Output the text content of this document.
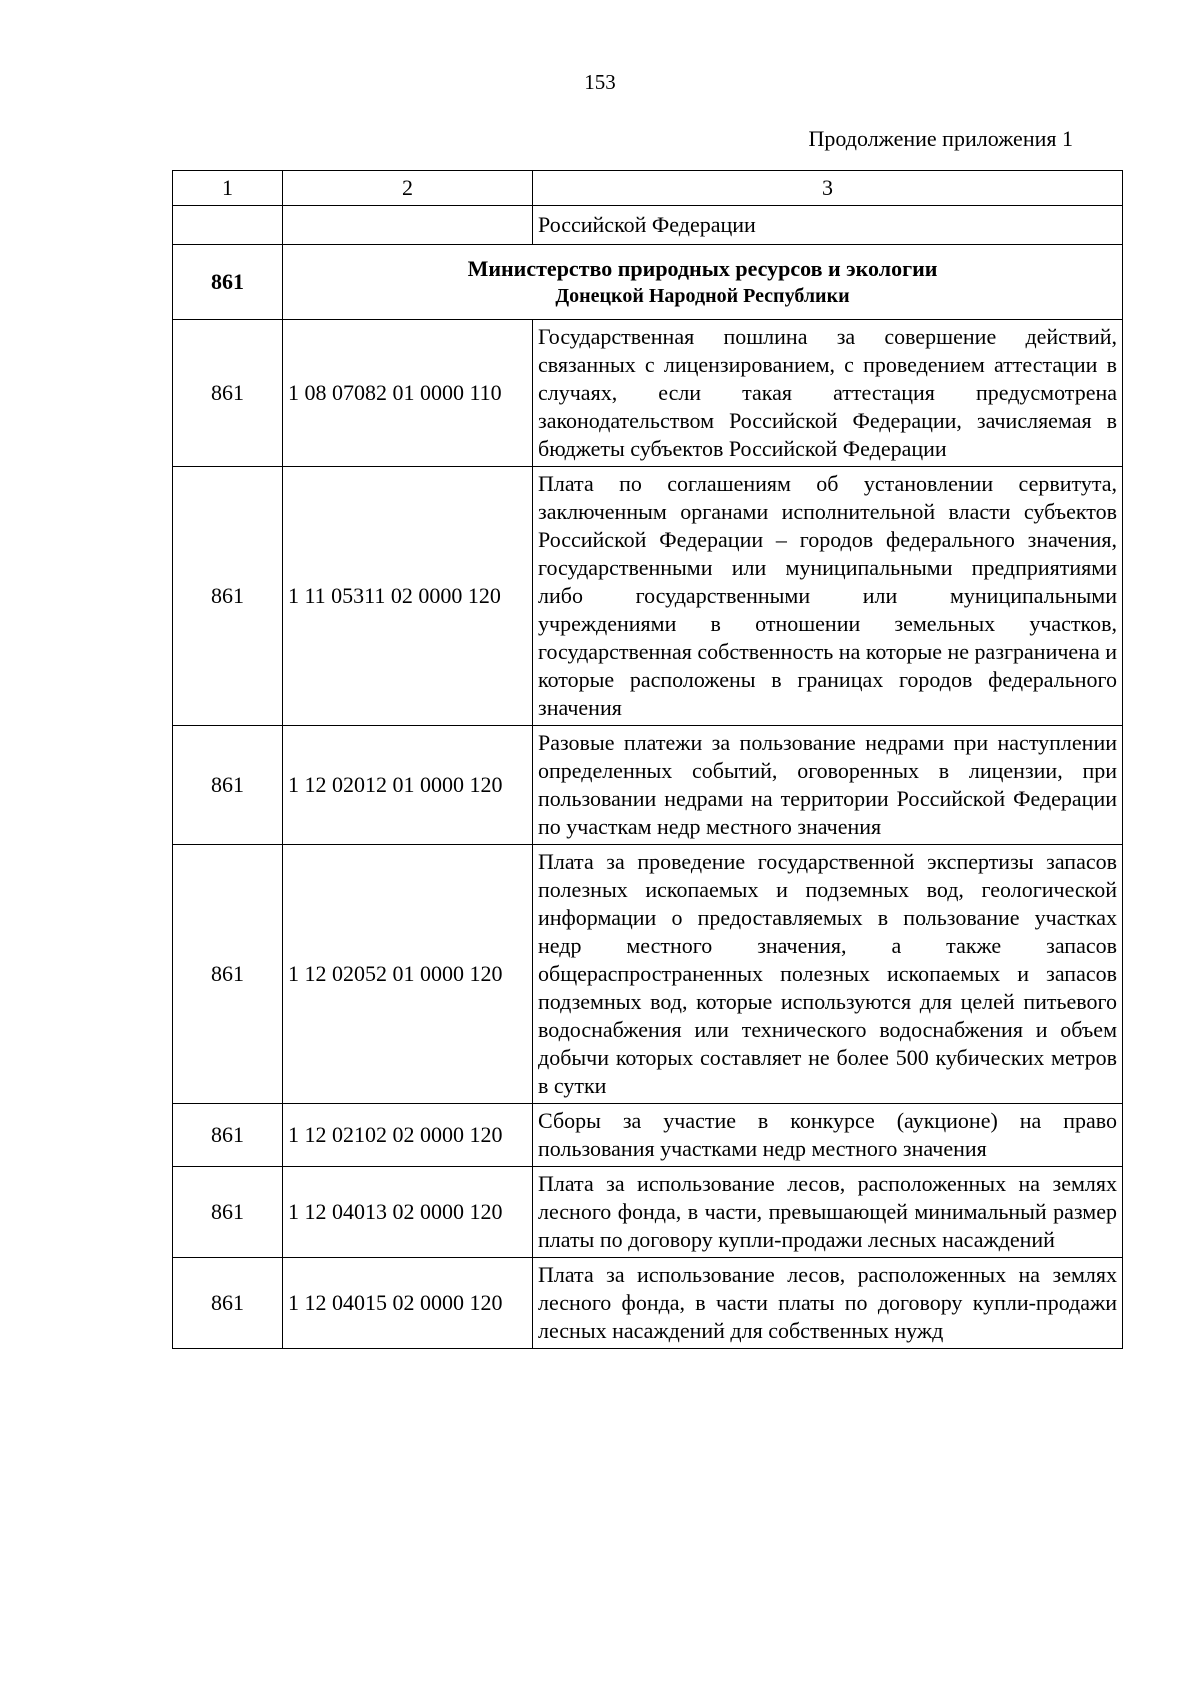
153
Продолжение приложения 1
1	2	3
		Российской Федерации
861	Министерство природных ресурсов и экологии
Донецкой Народной Республики	

861	1 08 07082 01 0000 110	Государственная пошлина за совершение действий, связанных с лицензированием, с проведением аттестации в случаях, если такая аттестация предусмотрена законодательством Российской Федерации, зачисляемая в бюджеты субъектов Российской Федерации
861	1 11 05311 02 0000 120	Плата по соглашениям об установлении сервитута, заключенным органами исполнительной власти субъектов Российской Федерации – городов федерального значения, государственными или муниципальными предприятиями либо государственными или муниципальными учреждениями в отношении земельных участков, государственная собственность на которые не разграничена и которые расположены в границах городов федерального значения
861	1 12 02012 01 0000 120	Разовые платежи за пользование недрами при наступлении определенных событий, оговоренных в лицензии, при пользовании недрами на территории Российской Федерации по участкам недр местного значения
861	1 12 02052 01 0000 120	Плата за проведение государственной экспертизы запасов полезных ископаемых и подземных вод, геологической информации о предоставляемых в пользование участках недр местного значения, а также запасов общераспространенных полезных ископаемых и запасов подземных вод, которые используются для целей питьевого водоснабжения или технического водоснабжения и объем добычи которых составляет не более 500 кубических метров в сутки
861	1 12 02102 02 0000 120	Сборы за участие в конкурсе (аукционе) на право пользования участками недр местного значения
861	1 12 04013 02 0000 120	Плата за использование лесов, расположенных на землях лесного фонда, в части, превышающей минимальный размер платы по договору купли-продажи лесных насаждений
861	1 12 04015 02 0000 120	Плата за использование лесов, расположенных на землях лесного фонда, в части платы по договору купли-продажи лесных насаждений для собственных нужд
